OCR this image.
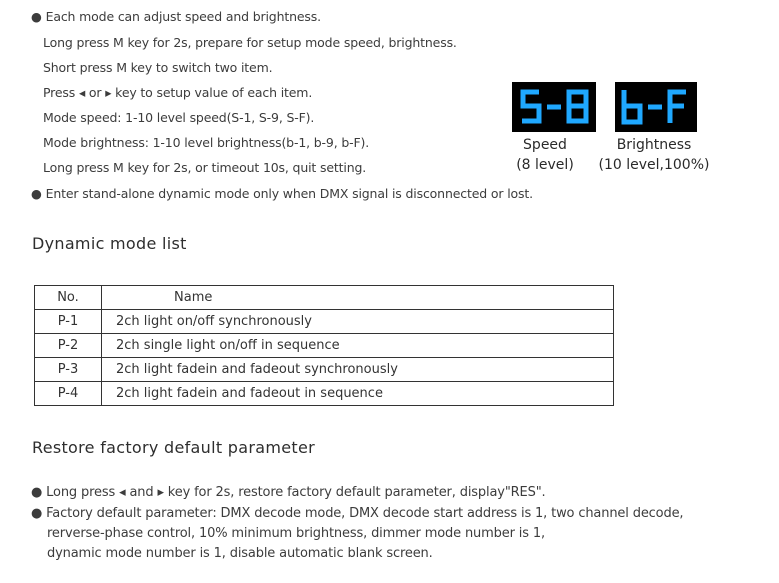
● Each mode can adjust speed and brightness.
Long press M key for 2s, prepare for setup mode speed, brightness.
Short press M key to switch two item.
Press ◂ or ▸ key to setup value of each item.
Mode speed: 1-10 level speed(S-1, S-9, S-F).
Mode brightness: 1-10 level brightness(b-1, b-9, b-F).
Long press M key for 2s, or timeout 10s, quit setting.
● Enter stand-alone dynamic mode only when DMX signal is disconnected or lost.
Speed
(8 level)
Brightness
(10 level,100%)
Dynamic mode list
No.	Name
P-1	2ch light on/off synchronously
P-2	2ch single light on/off in sequence
P-3	2ch light fadein and fadeout synchronously
P-4	2ch light fadein and fadeout in sequence
Restore factory default parameter
● Long press ◂ and ▸ key for 2s, restore factory default parameter, display"RES".
● Factory default parameter: DMX decode mode, DMX decode start address is 1, two channel decode,
rerverse-phase control, 10% minimum brightness, dimmer mode number is 1,
dynamic mode number is 1, disable automatic blank screen.
